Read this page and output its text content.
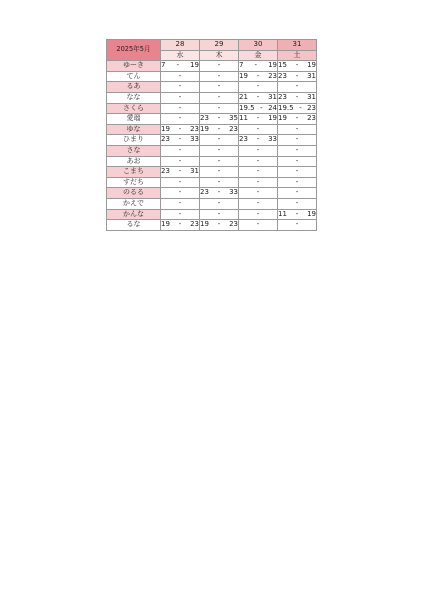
2025年5月	28	29	30	31
	水	木	金	土
ゆーき	7 - 19	-	7 - 19	15 - 19

てん	-	-	19 - 23	23 - 31

るあ	-	-	-	-
なな	-	-	21 - 31	23 - 31

さくら	-	-	19.5 - 24	19.5 - 23

愛瑠	-	23 - 35	11 - 19	19 - 23

ゆな	19 - 23	19 - 23	-	-
ひまり	23 - 33	-	23 - 33	-
さな	-	-	-	-
あお	-	-	-	-
こまち	23 - 31	-	-	-
すだち	-	-	-	-
のるる	-	23 - 33	-	-
かえで	-	-	-	-
かんな	-	-	-	11 - 19

るな	19 - 23	19 - 23	-	-
